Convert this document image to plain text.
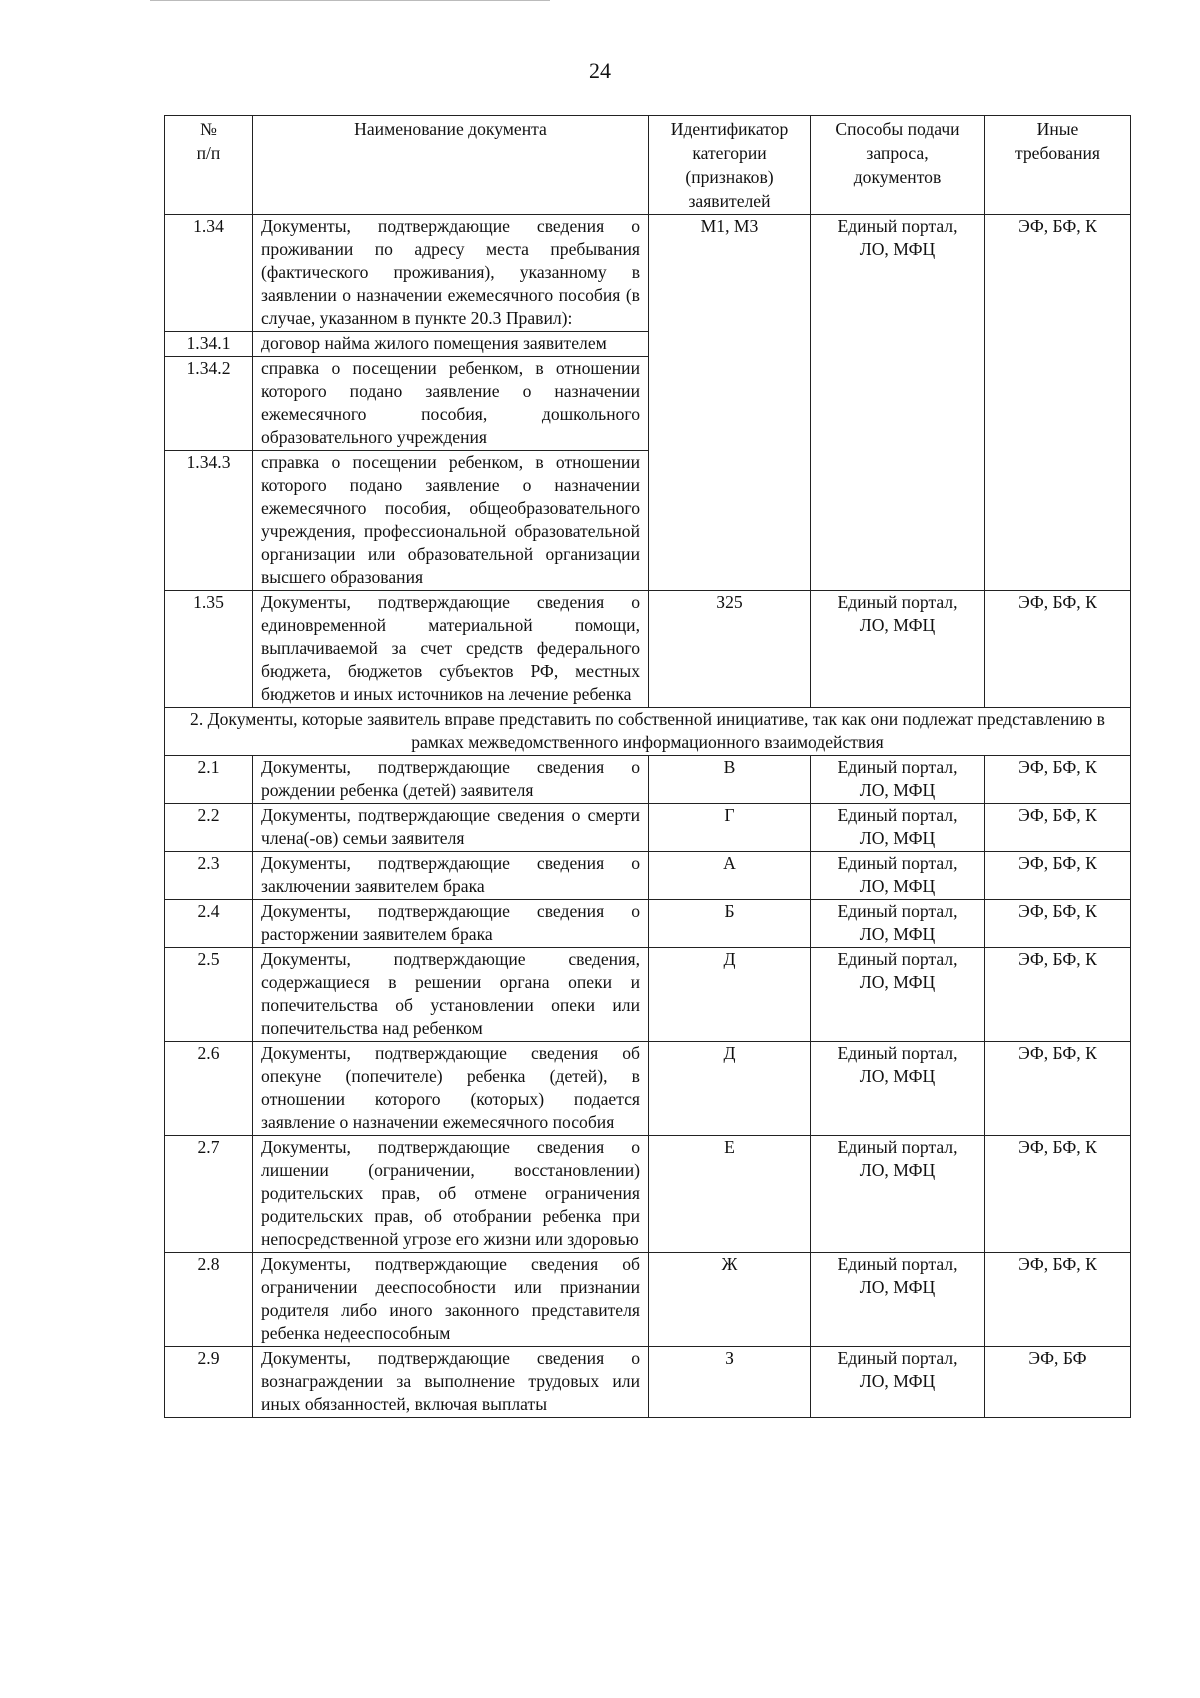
24
№
п/п	Наименование документа	Идентификатор
категории
(признаков)
заявителей	Способы подачи
запроса,
документов	Иные
требования
1.34	Документы, подтверждающие сведения о проживании по адресу места пребывания (фактического проживания), указанному в заявлении о назначении ежемесячного пособия (в случае, указанном в пункте 20.3 Правил):	М1, М3	Единый портал,
ЛО, МФЦ	ЭФ, БФ, К
1.34.1	договор найма жилого помещения заявителем			
1.34.2	справка о посещении ребенком, в отношении которого подано заявление о назначении ежемесячного пособия, дошкольного образовательного учреждения			
1.34.3	справка о посещении ребенком, в отношении которого подано заявление о назначении ежемесячного пособия, общеобразовательного учреждения, профессиональной образовательной организации или образовательной организации высшего образования			
1.35	Документы, подтверждающие сведения о единовременной материальной помощи, выплачиваемой за счет средств федерального бюджета, бюджетов субъектов РФ, местных бюджетов и иных источников на лечение ребенка	З25	Единый портал,
ЛО, МФЦ	ЭФ, БФ, К
2. Документы, которые заявитель вправе представить по собственной инициативе, так как они подлежат представлению в рамках межведомственного информационного взаимодействия				
2.1	Документы, подтверждающие сведения о рождении ребенка (детей) заявителя	В	Единый портал,
ЛО, МФЦ	ЭФ, БФ, К
2.2	Документы, подтверждающие сведения о смерти члена(-ов) семьи заявителя	Г	Единый портал,
ЛО, МФЦ	ЭФ, БФ, К
2.3	Документы, подтверждающие сведения о заключении заявителем брака	А	Единый портал,
ЛО, МФЦ	ЭФ, БФ, К
2.4	Документы, подтверждающие сведения о расторжении заявителем брака	Б	Единый портал,
ЛО, МФЦ	ЭФ, БФ, К
2.5	Документы, подтверждающие сведения, содержащиеся в решении органа опеки и попечительства об установлении опеки или попечительства над ребенком	Д	Единый портал,
ЛО, МФЦ	ЭФ, БФ, К
2.6	Документы, подтверждающие сведения об опекуне (попечителе) ребенка (детей), в отношении которого (которых) подается заявление о назначении ежемесячного пособия	Д	Единый портал,
ЛО, МФЦ	ЭФ, БФ, К
2.7	Документы, подтверждающие сведения о лишении (ограничении, восстановлении) родительских прав, об отмене ограничения родительских прав, об отобрании ребенка при непосредственной угрозе его жизни или здоровью	Е	Единый портал,
ЛО, МФЦ	ЭФ, БФ, К
2.8	Документы, подтверждающие сведения об ограничении дееспособности или признании родителя либо иного законного представителя ребенка недееспособным	Ж	Единый портал,
ЛО, МФЦ	ЭФ, БФ, К
2.9	Документы, подтверждающие сведения о вознаграждении за выполнение трудовых или иных обязанностей, включая выплаты	З	Единый портал,
ЛО, МФЦ	ЭФ, БФ
